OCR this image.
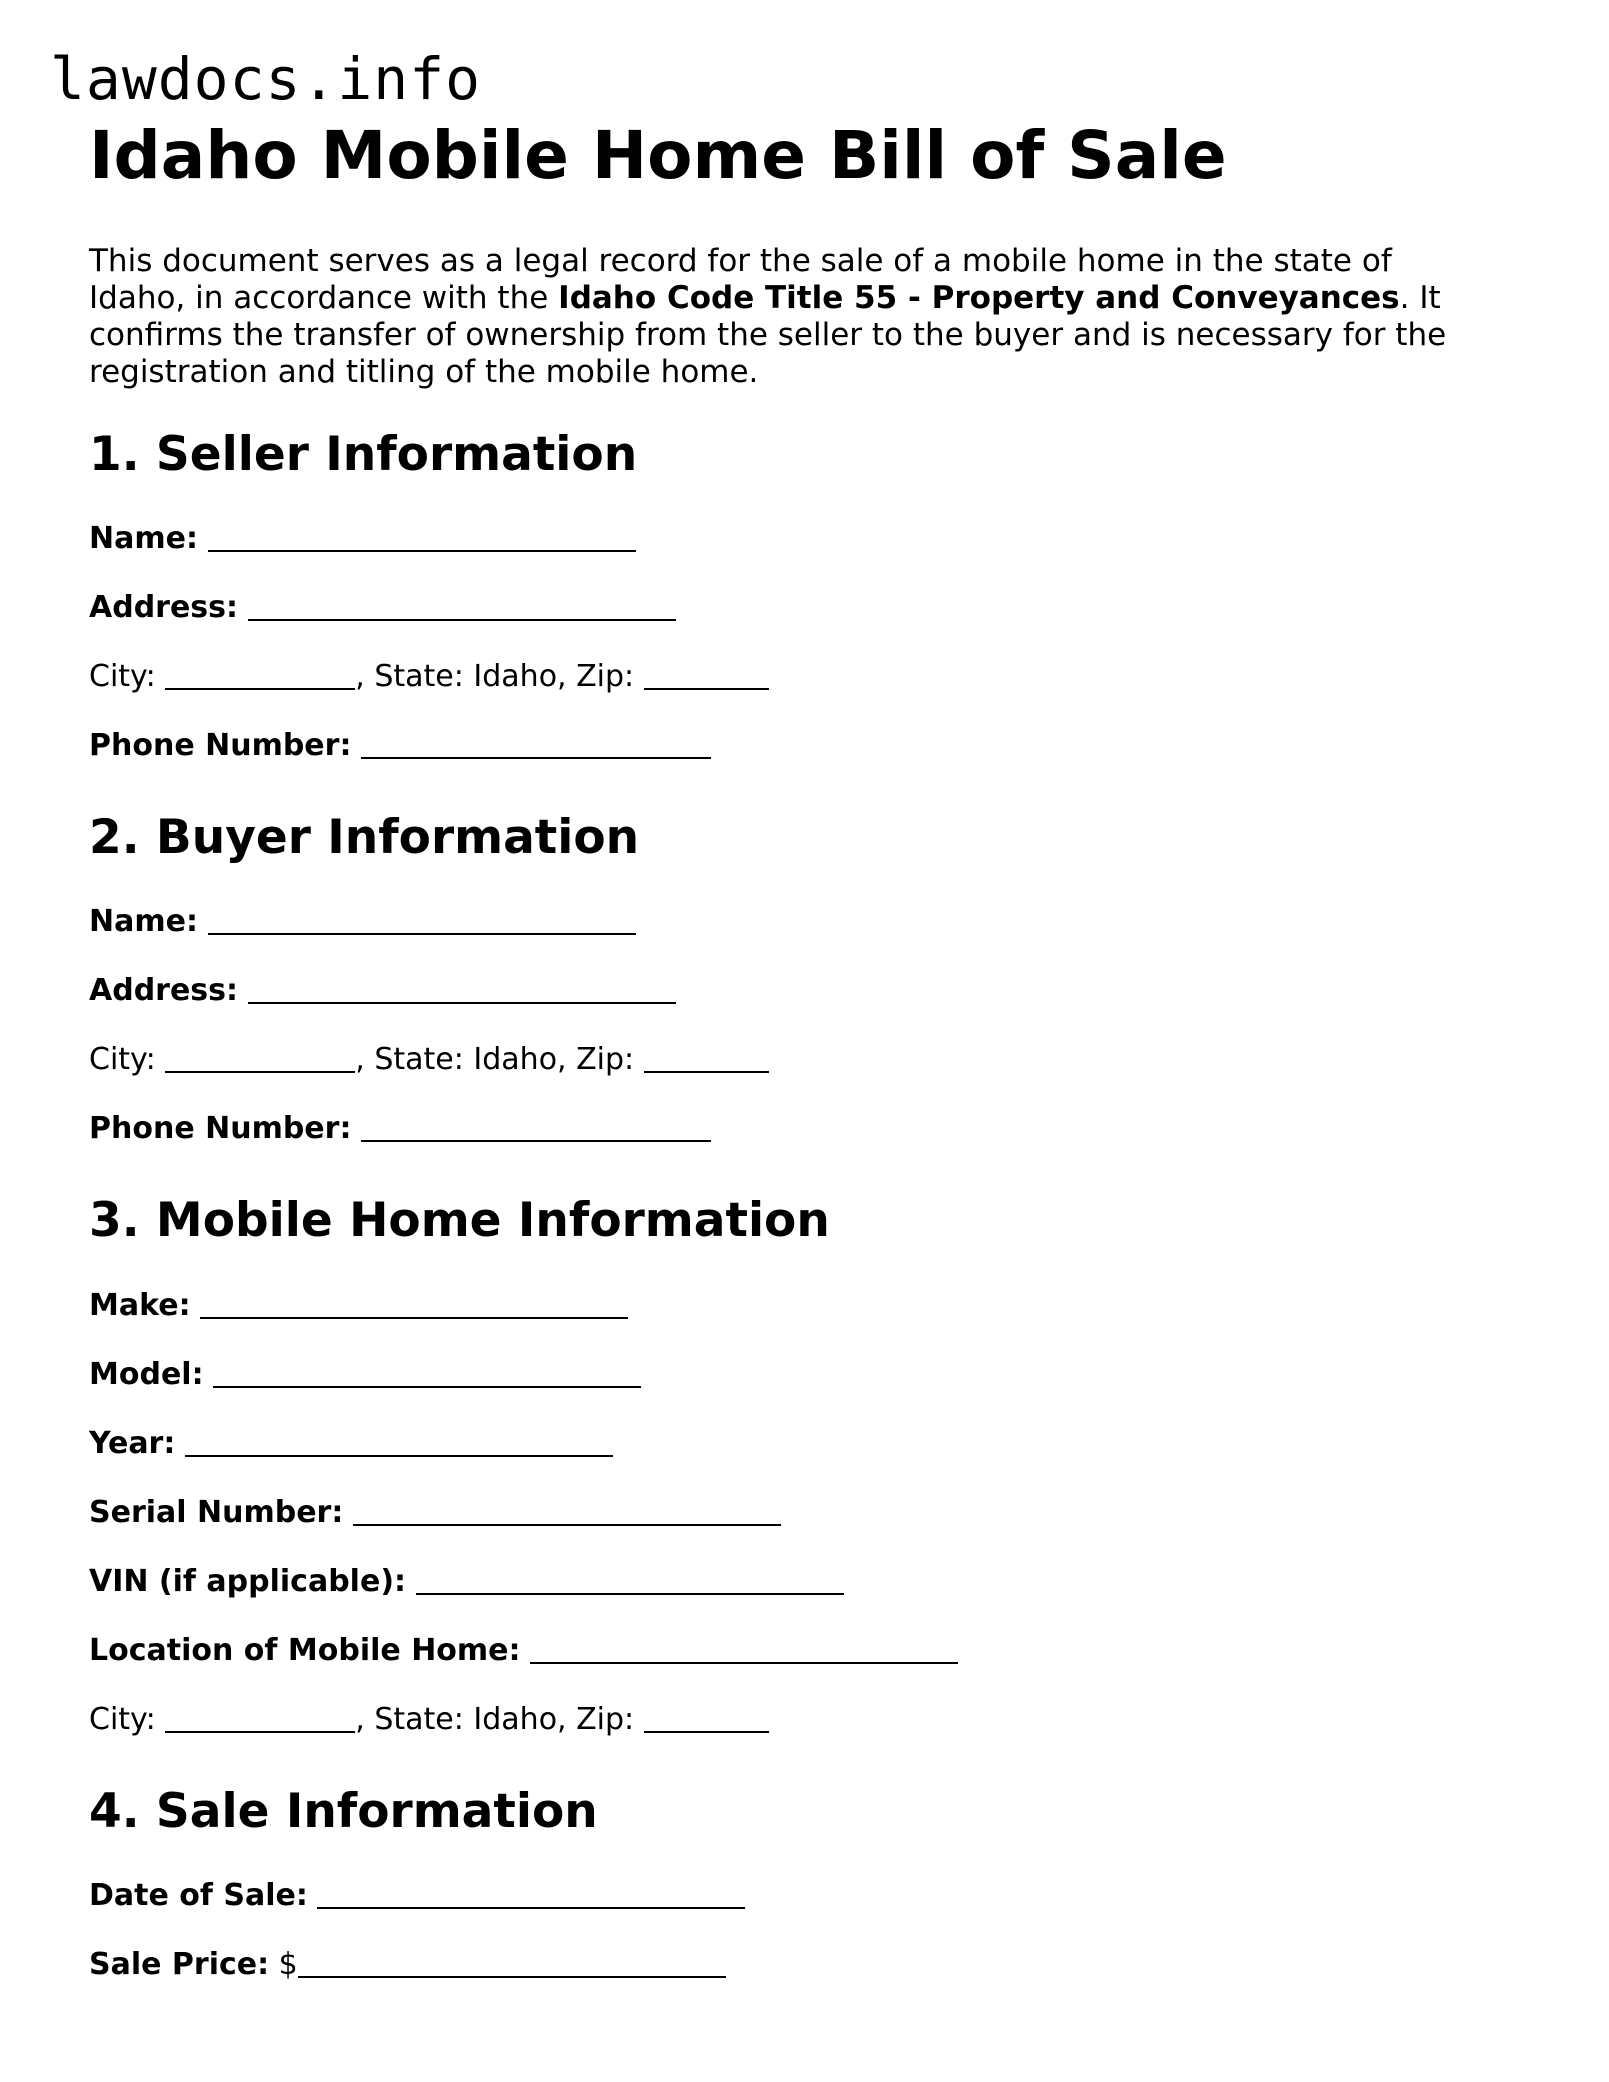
lawdocs.info
Idaho Mobile Home Bill of Sale

This document serves as a legal record for the sale of a mobile home in the state of Idaho, in accordance with the Idaho Code Title 55 - Property and Conveyances. It confirms the transfer of ownership from the seller to the buyer and is necessary for the registration and titling of the mobile home.

1. Seller Information
Name:
Address:
City:	, State: Idaho, Zip:
Phone Number:
2. Buyer Information
Name:
Address:
City:	, State: Idaho, Zip:
Phone Number:
3. Mobile Home Information
Make:
Model:
Year:
Serial Number:
VIN (if applicable):
Location of Mobile Home:
City:	, State: Idaho, Zip:
4. Sale Information
Date of Sale:
Sale Price: $
